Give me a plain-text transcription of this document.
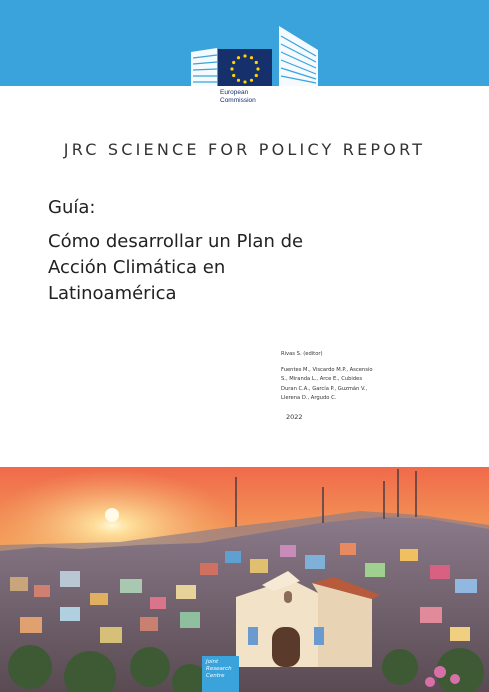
European
Commission
JRC SCIENCE FOR POLICY REPORT
Guía:
Cómo desarrollar un Plan de
Acción Climática en
Latinoamérica
Rivas S. (editor)
Fuentes M., Viscardo M.P., Ascensio
S., Miranda L., Arce E., Cubides
Duran C.A., García P., Guzmán V.,
Llerena D., Argudo C.
2022
Joint
Research
Centre
